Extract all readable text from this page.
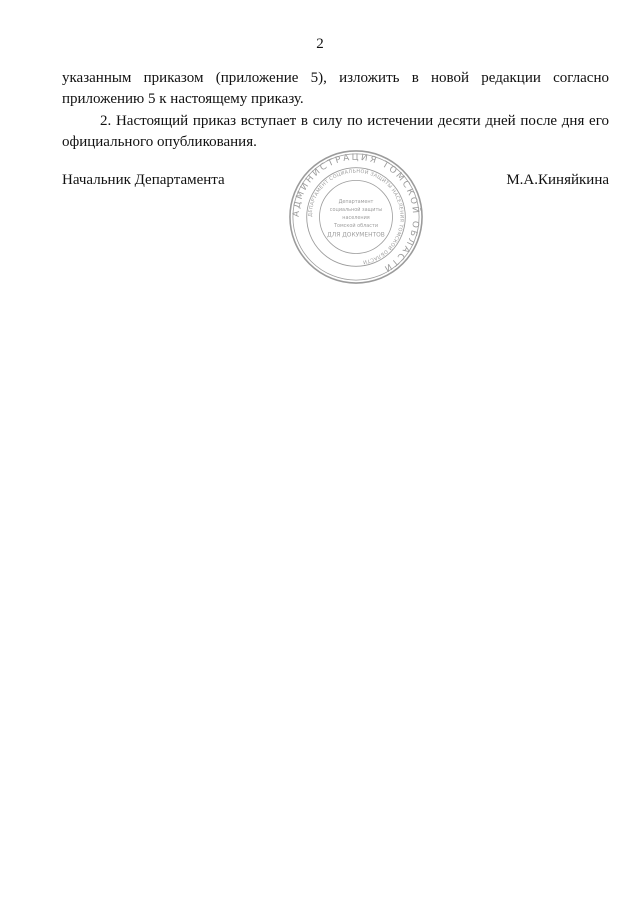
2
указанным приказом (приложение 5), изложить в новой редакции согласно
приложению 5 к настоящему приказу.
2. Настоящий приказ вступает в силу по истечении десяти дней после дня его
официального опубликования.
АДМИНИСТРАЦИЯ ТОМСКОЙ ОБЛАСТИ
ДЕПАРТАМЕНТ СОЦИАЛЬНОЙ ЗАЩИТЫ НАСЕЛЕНИЯ ТОМСКОЙ ОБЛАСТИ
Департамент
социальной защиты
населения
Томской области
ДЛЯ ДОКУМЕНТОВ
Начальник Департамента	М.А.Киняйкина
